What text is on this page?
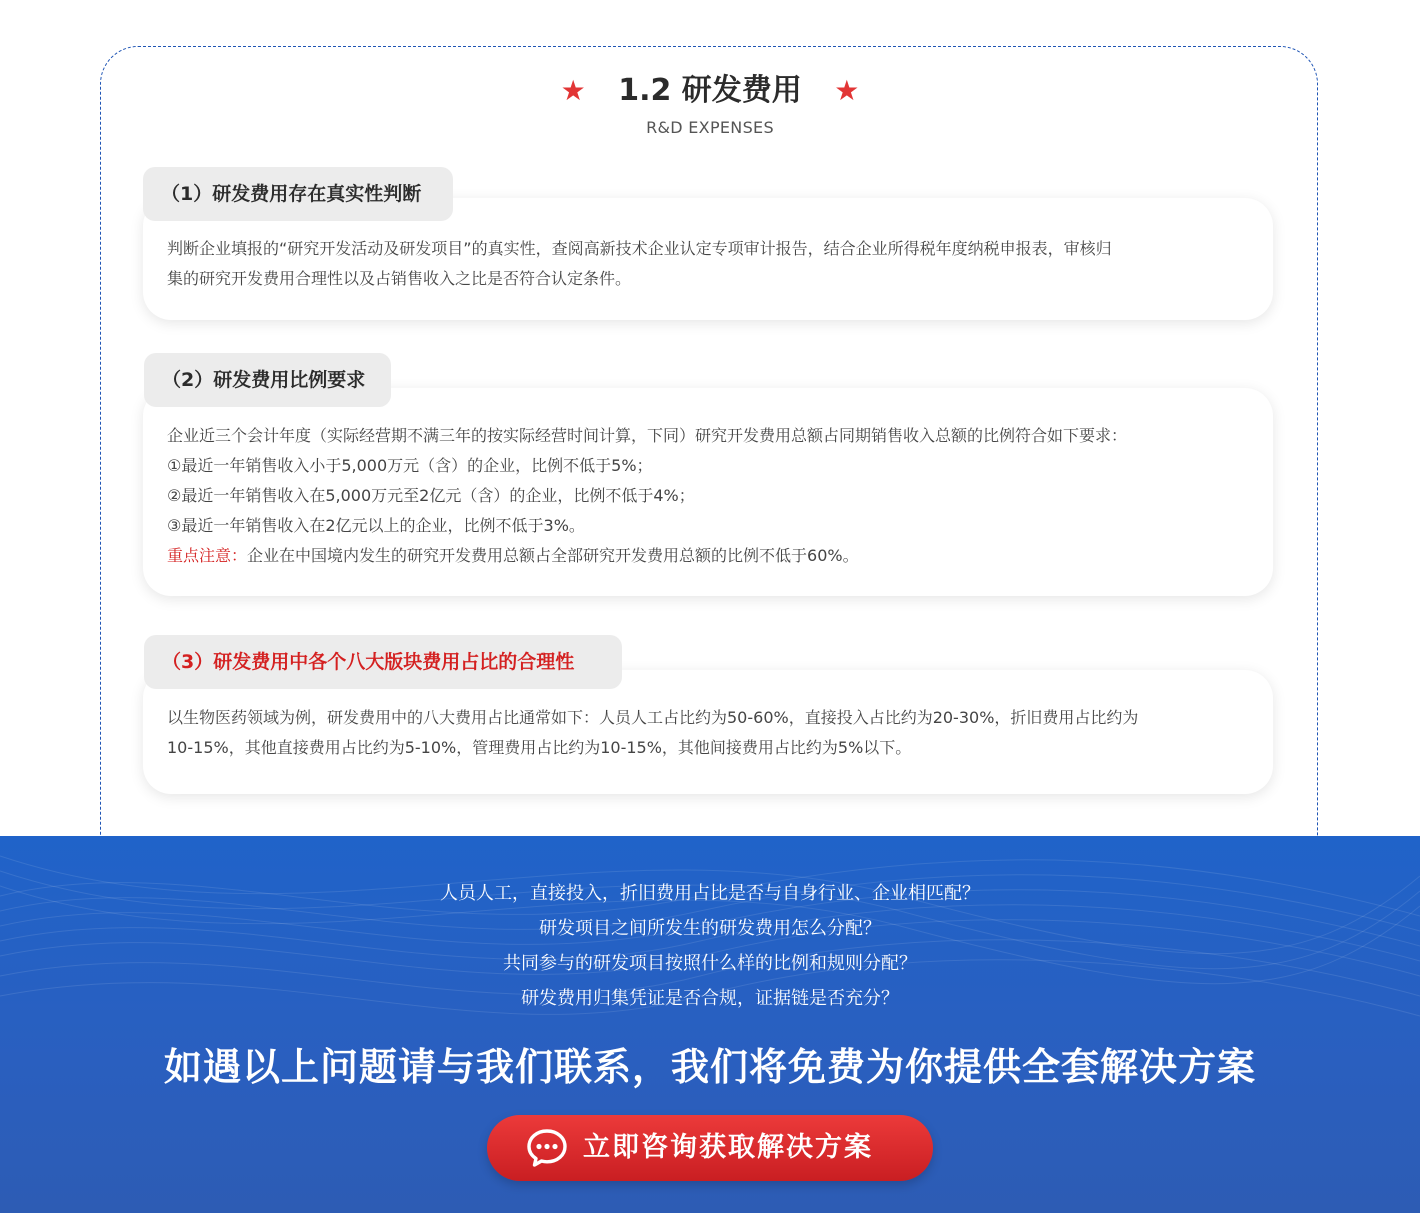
★ 1.2 研发费用 ★
R&D EXPENSES

判断企业填报的“研究开发活动及研发项目”的真实性，查阅高新技术企业认定专项审计报告，结合企业所得税年度纳税申报表，审核归

集的研究开发费用合理性以及占销售收入之比是否符合认定条件。

（1）研发费用存在真实性判断

企业近三个会计年度（实际经营期不满三年的按实际经营时间计算，下同）研究开发费用总额占同期销售收入总额的比例符合如下要求：

①最近一年销售收入小于5,000万元（含）的企业，比例不低于5%；

②最近一年销售收入在5,000万元至2亿元（含）的企业，比例不低于4%；

③最近一年销售收入在2亿元以上的企业，比例不低于3%。

重点注意：企业在中国境内发生的研究开发费用总额占全部研究开发费用总额的比例不低于60%。

（2）研发费用比例要求

以生物医药领域为例，研发费用中的八大费用占比通常如下：人员人工占比约为50-60%，直接投入占比约为20-30%，折旧费用占比约为

10-15%，其他直接费用占比约为5-10%，管理费用占比约为10-15%，其他间接费用占比约为5%以下。

（3）研发费用中各个八大版块费用占比的合理性
人员人工，直接投入，折旧费用占比是否与自身行业、企业相匹配？
研发项目之间所发生的研发费用怎么分配？
共同参与的研发项目按照什么样的比例和规则分配？
研发费用归集凭证是否合规，证据链是否充分？
如遇以上问题请与我们联系，我们将免费为你提供全套解决方案
立即咨询获取解决方案
